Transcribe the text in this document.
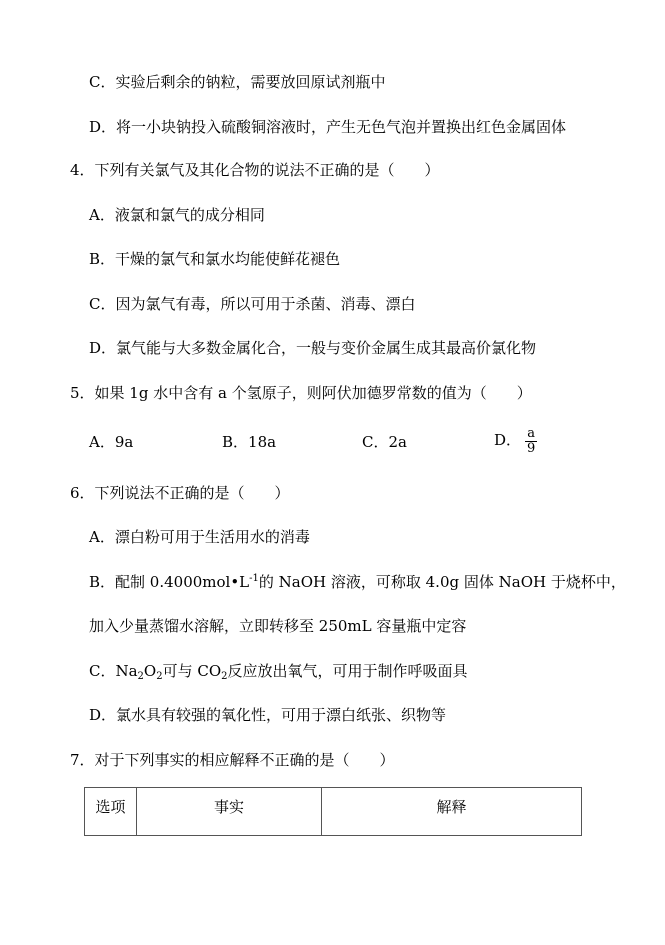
C．实验后剩余的钠粒，需要放回原试剂瓶中
D．将一小块钠投入硫酸铜溶液时，产生无色气泡并置换出红色金属固体
4．下列有关氯气及其化合物的说法不正确的是（　　）
A．液氯和氯气的成分相同
B．干燥的氯气和氯水均能使鲜花褪色
C．因为氯气有毒，所以可用于杀菌、消毒、漂白
D．氯气能与大多数金属化合，一般与变价金属生成其最高价氯化物
5．如果 1g 水中含有 a 个氢原子，则阿伏加德罗常数的值为（　　）
A．9a	B．18a	C．2a	D． $\frac{a}{9}$
6．下列说法不正确的是（　　）
A．漂白粉可用于生活用水的消毒
B．配制 $0.4000mol•L^{-1}$的 NaOH 溶液，可称取 4.0g 固体 NaOH 于烧杯中，
加入少量蒸馏水溶解，立即转移至 250mL 容量瓶中定容
C．$Na_2O_2$可与 $CO_2$反应放出氧气，可用于制作呼吸面具
D．氯水具有较强的氧化性，可用于漂白纸张、织物等
7．对于下列事实的相应解释不正确的是（　　）
选项	事实	解释
